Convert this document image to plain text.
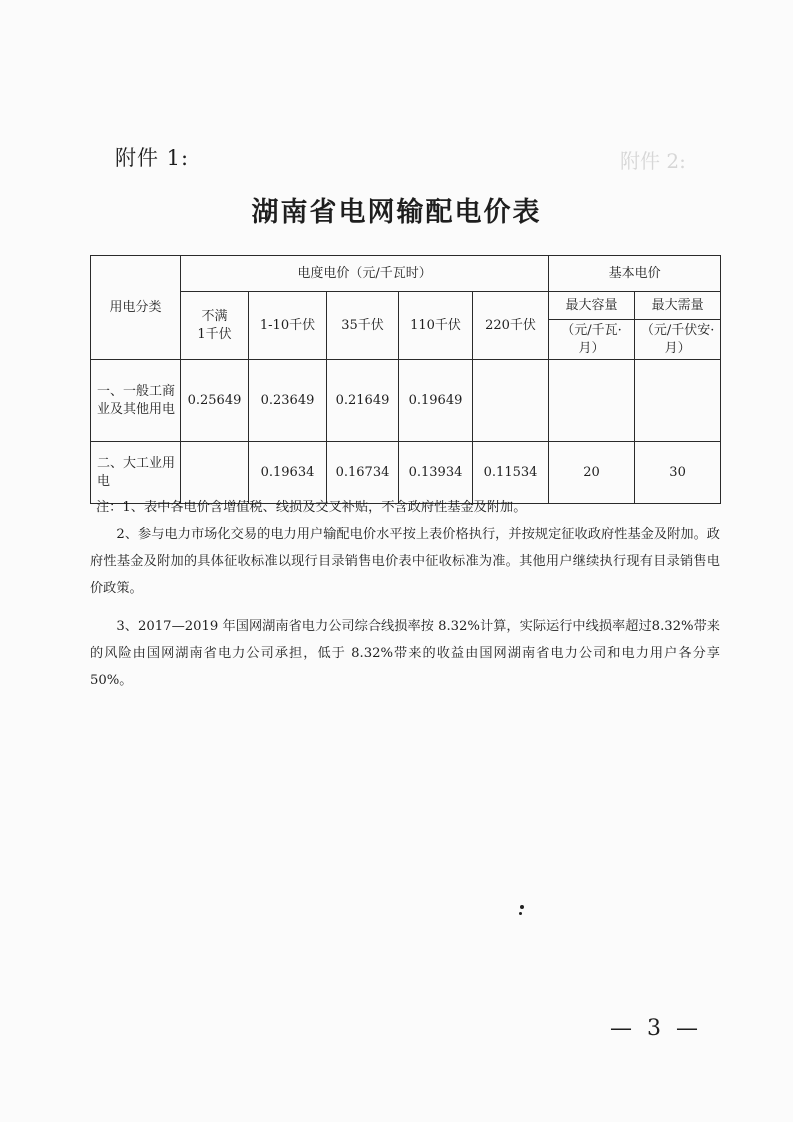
附件 1:	附件 2:
湖南省电网输配电价表
用电分类	电度电价（元/千瓦时）					基本电价	
	不满
1千伏	1-10千伏	35千伏	110千伏	220千伏	最大容量	最大需量
						（元/千瓦·月）	（元/千伏安·月）
一、一般工商业及其他用电	0.25649	0.23649	0.21649	0.19649			
二、大工业用电		0.19634	0.16734	0.13934	0.11534	20	30

注：1、表中各电价含增值税、线损及交叉补贴，不含政府性基金及附加。

2、参与电力市场化交易的电力用户输配电价水平按上表价格执行，并按规定征收政府性基金及附加。政府性基金及附加的具体征收标准以现行目录销售电价表中征收标准为准。其他用户继续执行现有目录销售电价政策。

3、2017—2019 年国网湖南省电力公司综合线损率按 8.32%计算，实际运行中线损率超过8.32%带来的风险由国网湖南省电力公司承担，低于 8.32%带来的收益由国网湖南省电力公司和电力用户各分享 50%。

— 3 —
